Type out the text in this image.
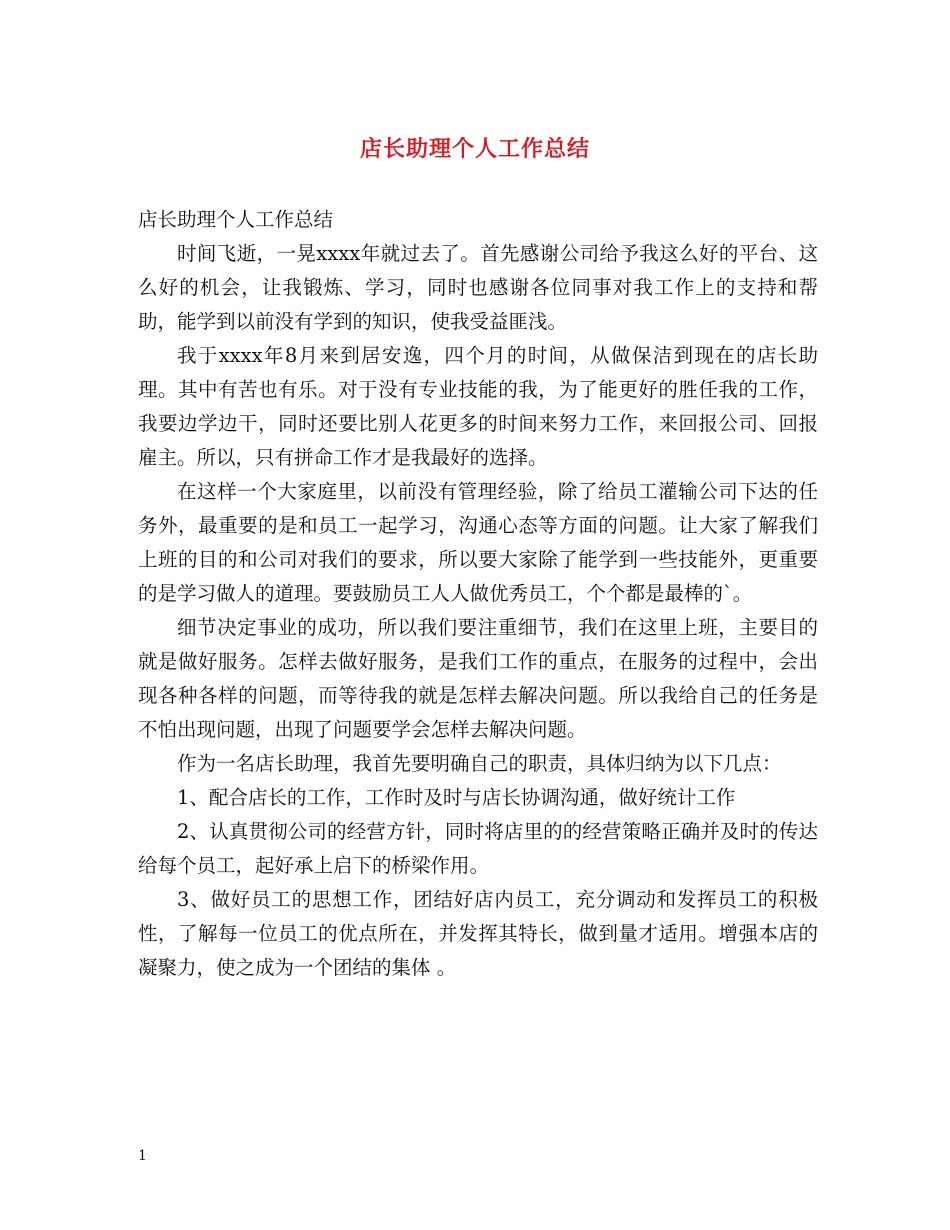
店长助理个人工作总结

店长助理个人工作总结

时间飞逝，一晃xxxx年就过去了。首先感谢公司给予我这么好的平台、这么好的机会，让我锻炼、学习，同时也感谢各位同事对我工作上的支持和帮助，能学到以前没有学到的知识，使我受益匪浅。

我于xxxx年8月来到居安逸，四个月的时间，从做保洁到现在的店长助理。其中有苦也有乐。对于没有专业技能的我，为了能更好的胜任我的工作，我要边学边干，同时还要比别人花更多的时间来努力工作，来回报公司、回报雇主。所以，只有拼命工作才是我最好的选择。

在这样一个大家庭里，以前没有管理经验，除了给员工灌输公司下达的任务外，最重要的是和员工一起学习，沟通心态等方面的问题。让大家了解我们上班的目的和公司对我们的要求，所以要大家除了能学到一些技能外，更重要的是学习做人的道理。要鼓励员工人人做优秀员工，个个都是最棒的`。

细节决定事业的成功，所以我们要注重细节，我们在这里上班，主要目的就是做好服务。怎样去做好服务，是我们工作的重点，在服务的过程中，会出现各种各样的问题，而等待我的就是怎样去解决问题。所以我给自己的任务是不怕出现问题，出现了问题要学会怎样去解决问题。

作为一名店长助理，我首先要明确自己的职责，具体归纳为以下几点：

1、配合店长的工作，工作时及时与店长协调沟通，做好统计工作

2、认真贯彻公司的经营方针，同时将店里的的经营策略正确并及时的传达给每个员工，起好承上启下的桥梁作用。

3、做好员工的思想工作，团结好店内员工，充分调动和发挥员工的积极性，了解每一位员工的优点所在，并发挥其特长，做到量才适用。增强本店的凝聚力，使之成为一个团结的集体 。

1
